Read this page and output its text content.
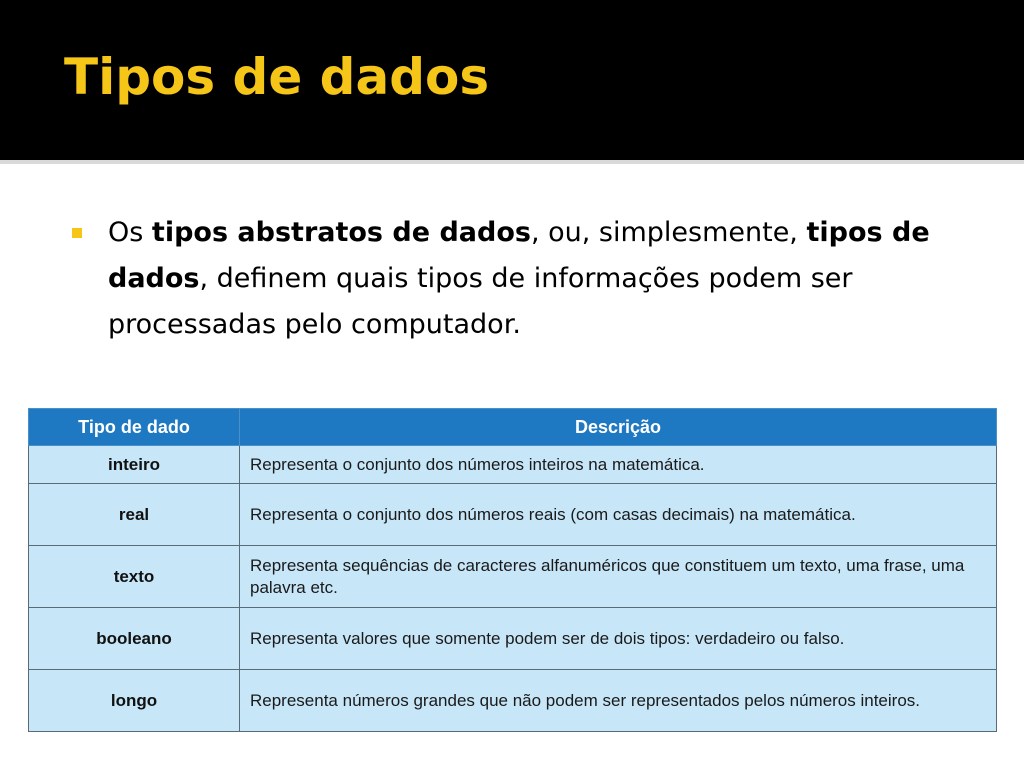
Tipos de dados

Os tipos abstratos de dados, ou, simplesmente, tipos de dados, definem quais tipos de informações podem ser processadas pelo computador.

Tipo de dado	Descrição
inteiro	Representa o conjunto dos números inteiros na matemática.
real	Representa o conjunto dos números reais (com casas decimais) na matemática.
texto	Representa sequências de caracteres alfanuméricos que constituem um texto, uma frase, uma palavra etc.
booleano	Representa valores que somente podem ser de dois tipos: verdadeiro ou falso.
longo	Representa números grandes que não podem ser representados pelos números inteiros.
